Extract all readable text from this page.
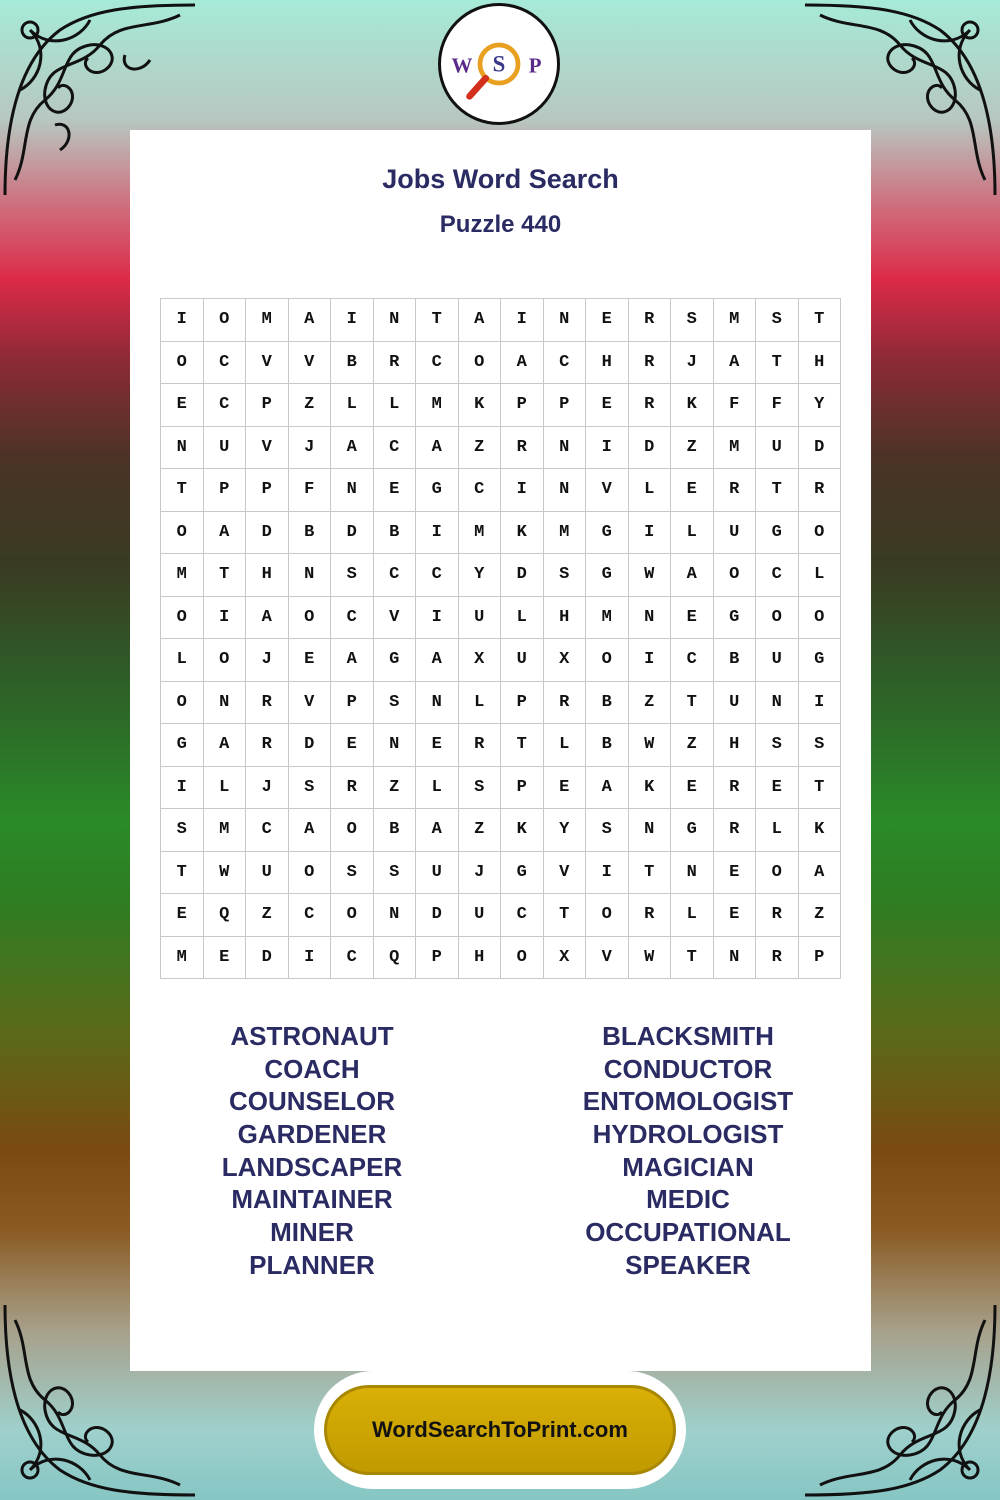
W S P
Jobs Word Search
Puzzle 440
I	O	M	A	I	N	T	A	I	N	E	R	S	M	S	T
O	C	V	V	B	R	C	O	A	C	H	R	J	A	T	H
E	C	P	Z	L	L	M	K	P	P	E	R	K	F	F	Y
N	U	V	J	A	C	A	Z	R	N	I	D	Z	M	U	D
T	P	P	F	N	E	G	C	I	N	V	L	E	R	T	R
O	A	D	B	D	B	I	M	K	M	G	I	L	U	G	O
M	T	H	N	S	C	C	Y	D	S	G	W	A	O	C	L
O	I	A	O	C	V	I	U	L	H	M	N	E	G	O	O
L	O	J	E	A	G	A	X	U	X	O	I	C	B	U	G
O	N	R	V	P	S	N	L	P	R	B	Z	T	U	N	I
G	A	R	D	E	N	E	R	T	L	B	W	Z	H	S	S
I	L	J	S	R	Z	L	S	P	E	A	K	E	R	E	T
S	M	C	A	O	B	A	Z	K	Y	S	N	G	R	L	K
T	W	U	O	S	S	U	J	G	V	I	T	N	E	O	A
E	Q	Z	C	O	N	D	U	C	T	O	R	L	E	R	Z
M	E	D	I	C	Q	P	H	O	X	V	W	T	N	R	P
ASTRONAUT
COACH
COUNSELOR
GARDENER
LANDSCAPER
MAINTAINER
MINER
PLANNER
BLACKSMITH
CONDUCTOR
ENTOMOLOGIST
HYDROLOGIST
MAGICIAN
MEDIC
OCCUPATIONAL
SPEAKER
WordSearchToPrint.com
